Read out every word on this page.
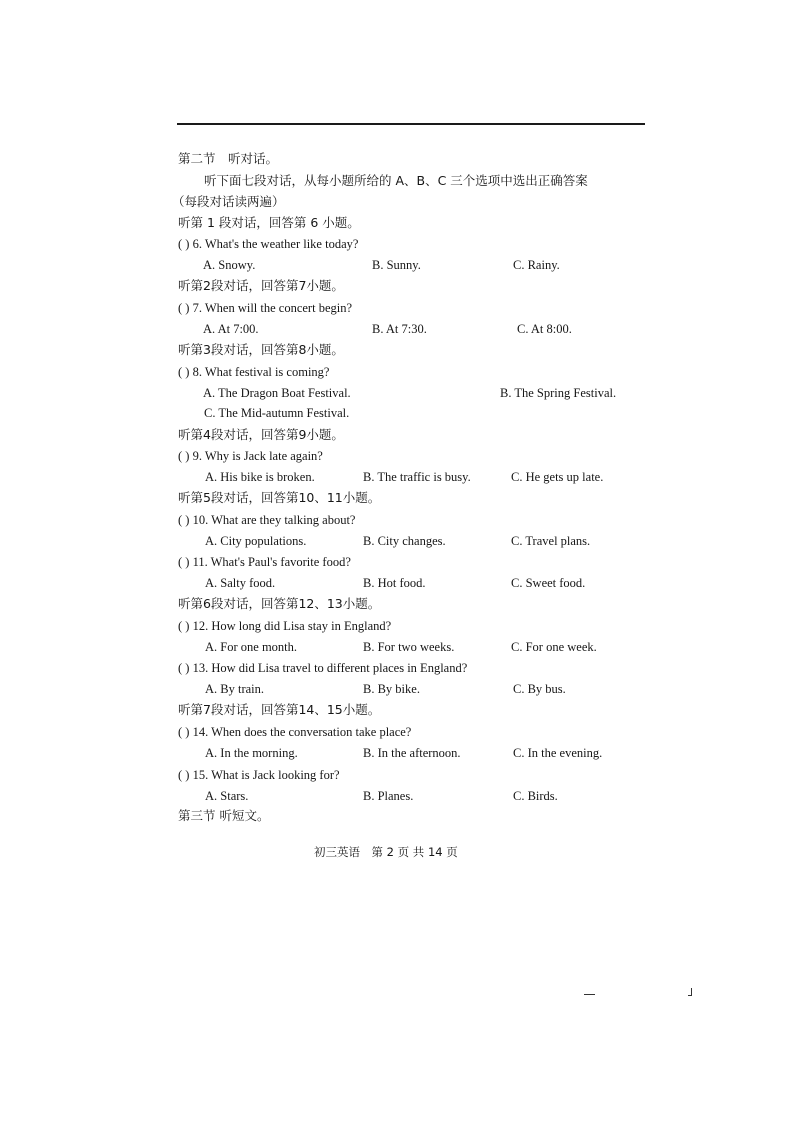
第二节　听对话。
听下面七段对话，从每小题所给的 A、B、C 三个选项中选出正确答案
（每段对话读两遍）
听第 1 段对话，回答第 6 小题。
( ) 6. What's the weather like today?
A. Snowy.	B. Sunny.	C. Rainy.
听第2段对话，回答第7小题。
( ) 7. When will the concert begin?
A. At 7:00.	B. At 7:30.	C. At 8:00.
听第3段对话，回答第8小题。
( ) 8. What festival is coming?
A. The Dragon Boat Festival.	B. The Spring Festival.
C. The Mid-autumn Festival.
听第4段对话，回答第9小题。
( ) 9. Why is Jack late again?
A. His bike is broken.	B. The traffic is busy.	C. He gets up late.
听第5段对话，回答第10、11小题。
( ) 10. What are they talking about?
A. City populations.	B. City changes.	C. Travel plans.
( ) 11. What's Paul's favorite food?
A. Salty food.	B. Hot food.	C. Sweet food.
听第6段对话，回答第12、13小题。
( ) 12. How long did Lisa stay in England?
A. For one month.	B. For two weeks.	C. For one week.
( ) 13. How did Lisa travel to different places in England?
A. By train.	B. By bike.	C. By bus.
听第7段对话，回答第14、15小题。
( ) 14. When does the conversation take place?
A. In the morning.	B. In the afternoon.	C. In the evening.
( ) 15. What is Jack looking for?
A. Stars.	B. Planes.	C. Birds.
第三节 听短文。
初三英语　第 2 页 共 14 页
